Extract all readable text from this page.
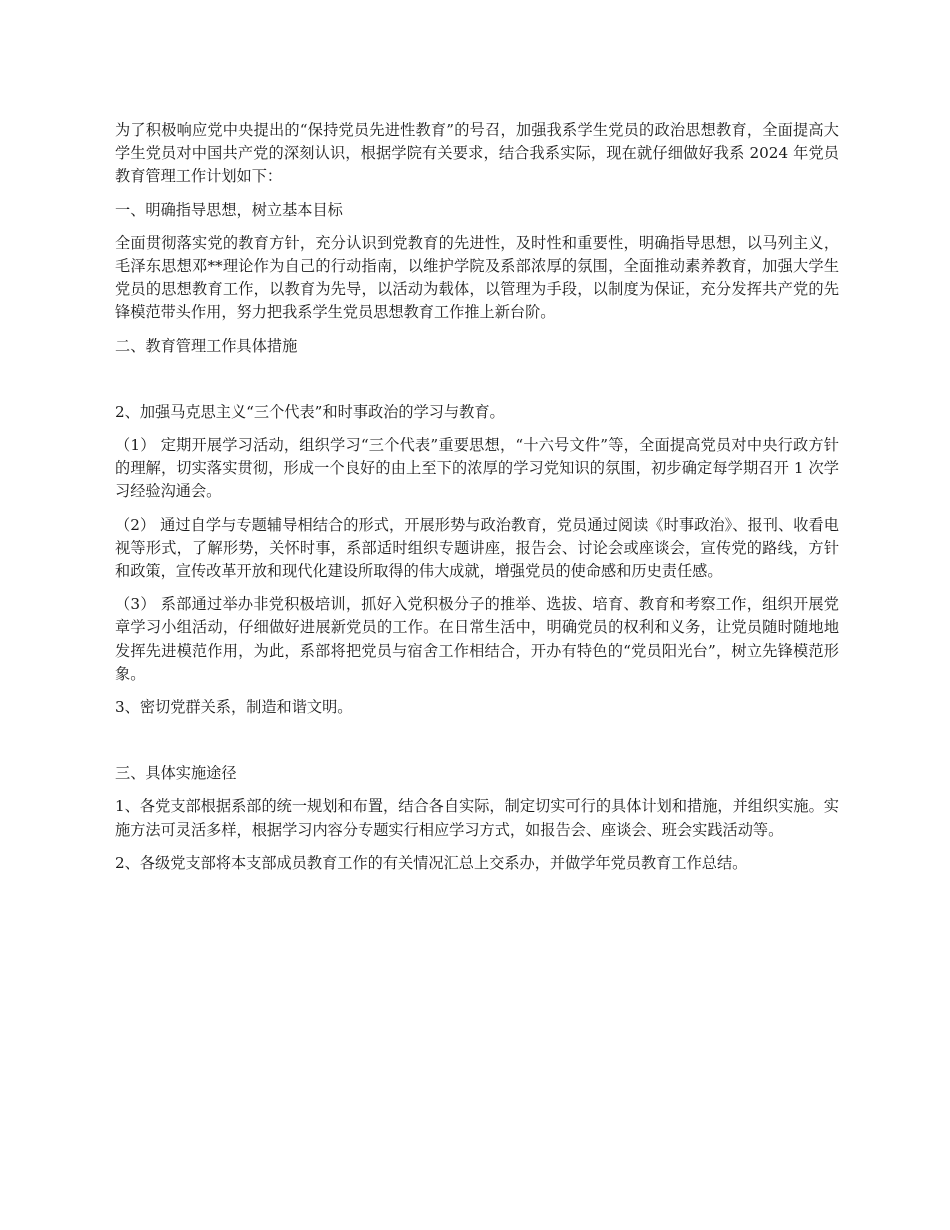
为了积极响应党中央提出的“保持党员先进性教育”的号召，加强我系学生党员的政治思想教育，全面提高大学生党员对中国共产党的深刻认识，根据学院有关要求，结合我系实际，现在就仔细做好我系 2024 年党员教育管理工作计划如下：

一、明确指导思想，树立基本目标

全面贯彻落实党的教育方针，充分认识到党教育的先进性，及时性和重要性，明确指导思想，以马列主义，毛泽东思想邓**理论作为自己的行动指南，以维护学院及系部浓厚的氛围，全面推动素养教育，加强大学生党员的思想教育工作，以教育为先导，以活动为载体，以管理为手段，以制度为保证，充分发挥共产党的先锋模范带头作用，努力把我系学生党员思想教育工作推上新台阶。

二、教育管理工作具体措施

2、加强马克思主义“三个代表”和时事政治的学习与教育。

（1） 定期开展学习活动，组织学习“三个代表”重要思想，“十六号文件”等，全面提高党员对中央行政方针的理解，切实落实贯彻，形成一个良好的由上至下的浓厚的学习党知识的氛围，初步确定每学期召开 1 次学习经验沟通会。

（2） 通过自学与专题辅导相结合的形式，开展形势与政治教育，党员通过阅读《时事政治》、报刊、收看电视等形式，了解形势，关怀时事，系部适时组织专题讲座，报告会、讨论会或座谈会，宣传党的路线，方针和政策，宣传改革开放和现代化建设所取得的伟大成就，增强党员的使命感和历史责任感。

（3） 系部通过举办非党积极培训，抓好入党积极分子的推举、选拔、培育、教育和考察工作，组织开展党章学习小组活动，仔细做好进展新党员的工作。在日常生活中，明确党员的权利和义务，让党员随时随地地发挥先进模范作用，为此，系部将把党员与宿舍工作相结合，开办有特色的“党员阳光台”，树立先锋模范形象。

3、密切党群关系，制造和谐文明。

三、具体实施途径

1、各党支部根据系部的统一规划和布置，结合各自实际，制定切实可行的具体计划和措施，并组织实施。实施方法可灵活多样，根据学习内容分专题实行相应学习方式，如报告会、座谈会、班会实践活动等。

2、各级党支部将本支部成员教育工作的有关情况汇总上交系办，并做学年党员教育工作总结。
